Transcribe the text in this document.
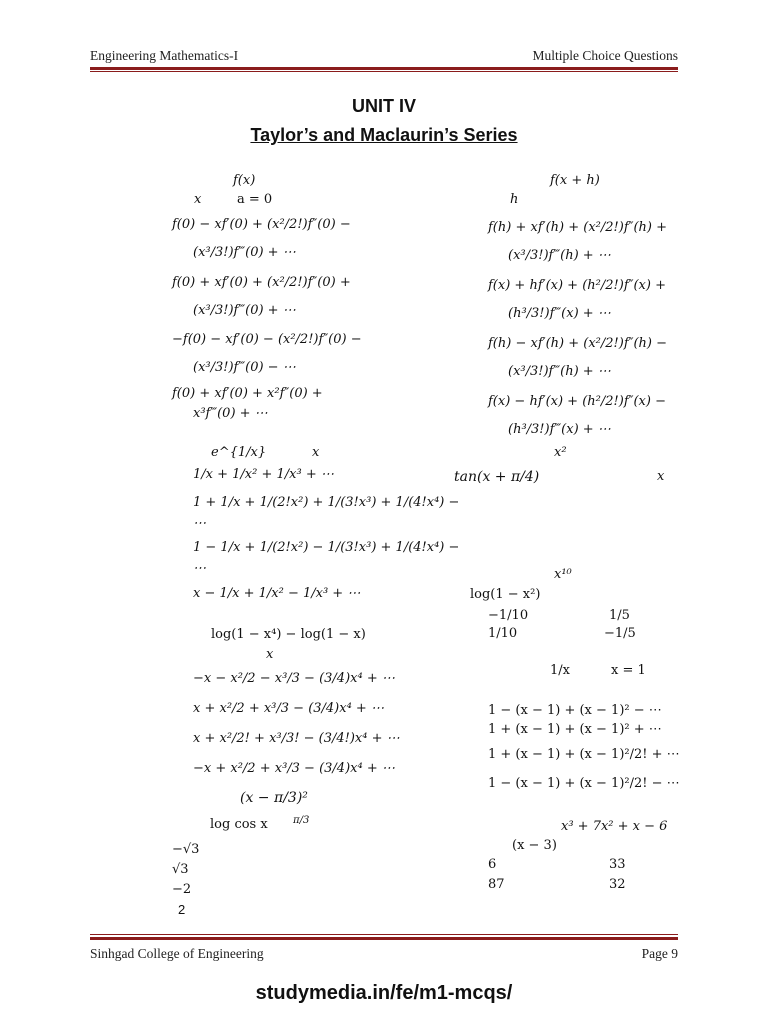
Engineering Mathematics-I	Multiple Choice Questions
UNIT IV
Taylor’s and Maclaurin’s Series
f(x)
x	a = 0
f(0) − xf′(0) + (x²/2!)f″(0) −
(x³/3!)f‴(0) + ⋯
f(0) + xf′(0) + (x²/2!)f″(0) +
(x³/3!)f‴(0) + ⋯
−f(0) − xf′(0) − (x²/2!)f″(0) −
(x³/3!)f‴(0) − ⋯
f(0) + xf′(0) + x²f″(0) +
x³f‴(0) + ⋯
e^{1/x}	x
1/x + 1/x² + 1/x³ + ⋯
1 + 1/x + 1/(2!x²) + 1/(3!x³) + 1/(4!x⁴) −
⋯
1 − 1/x + 1/(2!x²) − 1/(3!x³) + 1/(4!x⁴) −
⋯
x − 1/x + 1/x² − 1/x³ + ⋯
log(1 − x⁴) − log(1 − x)
x
−x − x²/2 − x³/3 − (3/4)x⁴ + ⋯
x + x²/2 + x³/3 − (3/4)x⁴ + ⋯
x + x²/2! + x³/3! − (3/4!)x⁴ + ⋯
−x + x²/2 + x³/3 − (3/4)x⁴ + ⋯
(x − π/3)²
log cos x	π/3
−√3
√3
−2
2
f(x + h)
h
f(h) + xf′(h) + (x²/2!)f″(h) +
(x³/3!)f‴(h) + ⋯
f(x) + hf′(x) + (h²/2!)f″(x) +
(h³/3!)f‴(x) + ⋯
f(h) − xf′(h) + (x²/2!)f″(h) −
(x³/3!)f‴(h) + ⋯
f(x) − hf′(x) + (h²/2!)f″(x) −
(h³/3!)f‴(x) + ⋯
x²
tan(x + π/4)	x
x¹⁰
log(1 − x²)
−1/10	1/5
1/10	−1/5
1/x	x = 1
1 − (x − 1) + (x − 1)² − ⋯
1 + (x − 1) + (x − 1)² + ⋯
1 + (x − 1) + (x − 1)²/2! + ⋯
1 − (x − 1) + (x − 1)²/2! − ⋯
x³ + 7x² + x − 6
(x − 3)
6	33
87	32
Sinhgad College of Engineering	Page 9
studymedia.in/fe/m1-mcqs/
